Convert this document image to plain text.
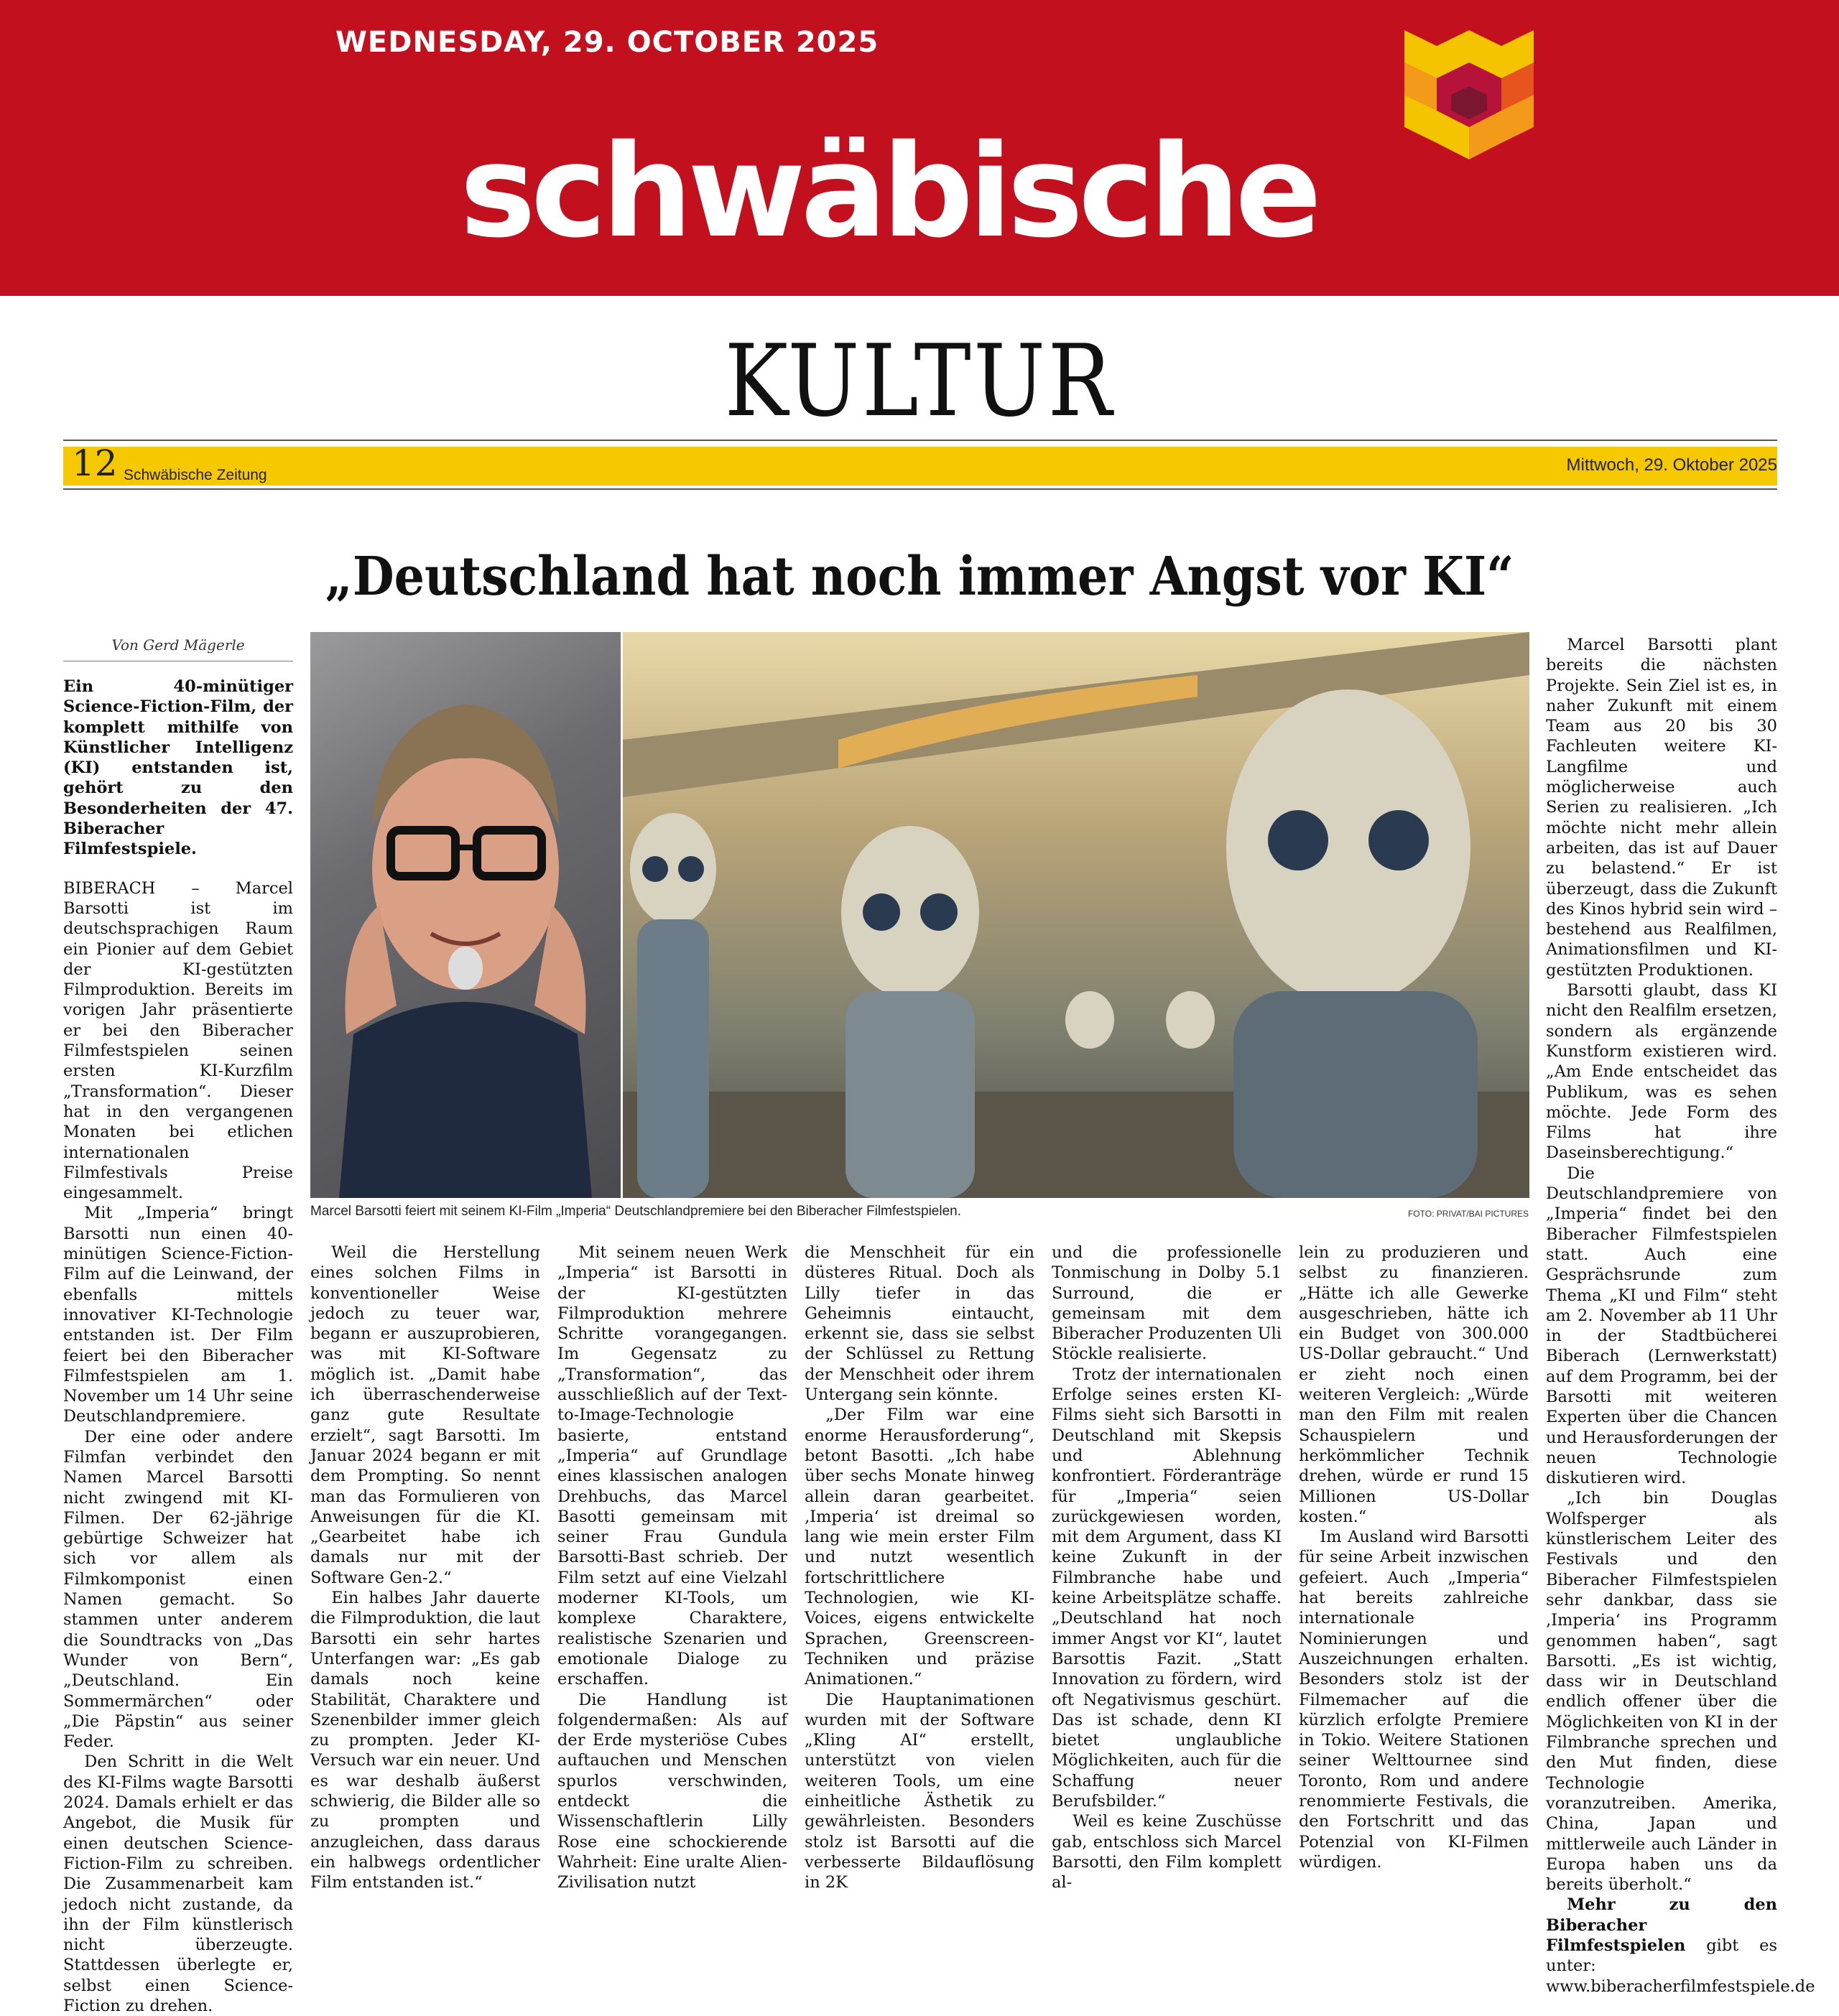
WEDNESDAY, 29. OCTOBER 2025
schwäbische
KULTUR
12 Schwäbische Zeitung
Mittwoch, 29. Oktober 2025
„Deutschland hat noch immer Angst vor KI“
Von Gerd Mägerle

Ein 40-minütiger Science-Fiction-Film, der komplett mithilfe von Künstlicher Intelligenz (KI) entstanden ist, gehört zu den Besonderheiten der 47. Biberacher Filmfestspiele.

BIBERACH – Marcel Barsotti ist im deutschsprachigen Raum ein Pionier auf dem Gebiet der KI-gestützten Filmproduktion. Bereits im vorigen Jahr präsentierte er bei den Biberacher Filmfestspielen seinen ersten KI-Kurzfilm „Transformation“. Dieser hat in den vergangenen Monaten bei etlichen internationalen Filmfestivals Preise eingesammelt.

Mit „Imperia“ bringt Barsotti nun einen 40-minütigen Science-Fiction-Film auf die Leinwand, der ebenfalls mittels innovativer KI-Technologie entstanden ist. Der Film feiert bei den Biberacher Filmfestspielen am 1. November um 14 Uhr seine Deutschlandpremiere.

Der eine oder andere Filmfan verbindet den Namen Marcel Barsotti nicht zwingend mit KI-Filmen. Der 62-jährige gebürtige Schweizer hat sich vor allem als Filmkomponist einen Namen gemacht. So stammen unter anderem die Soundtracks von „Das Wunder von Bern“, „Deutschland. Ein Sommermärchen“ oder „Die Päpstin“ aus seiner Feder.

Den Schritt in die Welt des KI-Films wagte Barsotti 2024. Damals erhielt er das Angebot, die Musik für einen deutschen Science-Fiction-Film zu schreiben. Die Zusammenarbeit kam jedoch nicht zustande, da ihn der Film künstlerisch nicht überzeugte. Stattdessen überlegte er, selbst einen Science-Fiction zu drehen.

Marcel Barsotti feiert mit seinem KI-Film „Imperia“ Deutschlandpremiere bei den Biberacher Filmfestspielen.	FOTO: PRIVAT/BAI PICTURES

Weil die Herstellung eines solchen Films in konventioneller Weise jedoch zu teuer war, begann er auszuprobieren, was mit KI-Software möglich ist. „Damit habe ich überraschenderweise ganz gute Resultate erzielt“, sagt Barsotti. Im Januar 2024 begann er mit dem Prompting. So nennt man das Formulieren von Anweisungen für die KI. „Gearbeitet habe ich damals nur mit der Software Gen-2.“

Ein halbes Jahr dauerte die Filmproduktion, die laut Barsotti ein sehr hartes Unterfangen war: „Es gab damals noch keine Stabilität, Charaktere und Szenenbilder immer gleich zu prompten. Jeder KI-Versuch war ein neuer. Und es war deshalb äußerst schwierig, die Bilder alle so zu prompten und anzugleichen, dass daraus ein halbwegs ordentlicher Film entstanden ist.“

Mit seinem neuen Werk „Imperia“ ist Barsotti in der KI-gestützten Filmproduktion mehrere Schritte vorangegangen. Im Gegensatz zu „Transformation“, das ausschließlich auf der Text-to-Image-Technologie basierte, entstand „Imperia“ auf Grundlage eines klassischen analogen Drehbuchs, das Marcel Basotti gemeinsam mit seiner Frau Gundula Barsotti-Bast schrieb. Der Film setzt auf eine Vielzahl moderner KI-Tools, um komplexe Charaktere, realistische Szenarien und emotionale Dialoge zu erschaffen.

Die Handlung ist folgendermaßen: Als auf der Erde mysteriöse Cubes auftauchen und Menschen spurlos verschwinden, entdeckt die Wissenschaftlerin Lilly Rose eine schockierende Wahrheit: Eine uralte Alien-Zivilisation nutzt

die Menschheit für ein düsteres Ritual. Doch als Lilly tiefer in das Geheimnis eintaucht, erkennt sie, dass sie selbst der Schlüssel zu Rettung der Menschheit oder ihrem Untergang sein könnte.

„Der Film war eine enorme Herausforderung“, betont Basotti. „Ich habe über sechs Monate hinweg allein daran gearbeitet. ‚Imperia‘ ist dreimal so lang wie mein erster Film und nutzt wesentlich fortschrittlichere Technologien, wie KI-Voices, eigens entwickelte Sprachen, Greenscreen-Techniken und präzise Animationen.“

Die Hauptanimationen wurden mit der Software „Kling AI“ erstellt, unterstützt von vielen weiteren Tools, um eine einheitliche Ästhetik zu gewährleisten. Besonders stolz ist Barsotti auf die verbesserte Bildauflösung in 2K

und die professionelle Tonmischung in Dolby 5.1 Surround, die er gemeinsam mit dem Biberacher Produzenten Uli Stöckle realisierte.

Trotz der internationalen Erfolge seines ersten KI-Films sieht sich Barsotti in Deutschland mit Skepsis und Ablehnung konfrontiert. Förderanträge für „Imperia“ seien zurückgewiesen worden, mit dem Argument, dass KI keine Zukunft in der Filmbranche habe und keine Arbeitsplätze schaffe. „Deutschland hat noch immer Angst vor KI“, lautet Barsottis Fazit. „Statt Innovation zu fördern, wird oft Negativismus geschürt. Das ist schade, denn KI bietet unglaubliche Möglichkeiten, auch für die Schaffung neuer Berufsbilder.“

Weil es keine Zuschüsse gab, entschloss sich Marcel Barsotti, den Film komplett al-

lein zu produzieren und selbst zu finanzieren. „Hätte ich alle Gewerke ausgeschrieben, hätte ich ein Budget von 300.000 US-Dollar gebraucht.“ Und er zieht noch einen weiteren Vergleich: „Würde man den Film mit realen Schauspielern und herkömmlicher Technik drehen, würde er rund 15 Millionen US-Dollar kosten.“

Im Ausland wird Barsotti für seine Arbeit inzwischen gefeiert. Auch „Imperia“ hat bereits zahlreiche internationale Nominierungen und Auszeichnungen erhalten. Besonders stolz ist der Filmemacher auf die kürzlich erfolgte Premiere in Tokio. Weitere Stationen seiner Welttournee sind Toronto, Rom und andere renommierte Festivals, die den Fortschritt und das Potenzial von KI-Filmen würdigen.

Marcel Barsotti plant bereits die nächsten Projekte. Sein Ziel ist es, in naher Zukunft mit einem Team aus 20 bis 30 Fachleuten weitere KI-Langfilme und möglicherweise auch Serien zu realisieren. „Ich möchte nicht mehr allein arbeiten, das ist auf Dauer zu belastend.“ Er ist überzeugt, dass die Zukunft des Kinos hybrid sein wird – bestehend aus Realfilmen, Animationsfilmen und KI-gestützten Produktionen.

Barsotti glaubt, dass KI nicht den Realfilm ersetzen, sondern als ergänzende Kunstform existieren wird. „Am Ende entscheidet das Publikum, was es sehen möchte. Jede Form des Films hat ihre Daseinsberechtigung.“

Die Deutschlandpremiere von „Imperia“ findet bei den Biberacher Filmfestspielen statt. Auch eine Gesprächsrunde zum Thema „KI und Film“ steht am 2. November ab 11 Uhr in der Stadtbücherei Biberach (Lernwerkstatt) auf dem Programm, bei der Barsotti mit weiteren Experten über die Chancen und Herausforderungen der neuen Technologie diskutieren wird.

„Ich bin Douglas Wolfsperger als künstlerischem Leiter des Festivals und den Biberacher Filmfestspielen sehr dankbar, dass sie ‚Imperia‘ ins Programm genommen haben“, sagt Barsotti. „Es ist wichtig, dass wir in Deutschland endlich offener über die Möglichkeiten von KI in der Filmbranche sprechen und den Mut finden, diese Technologie voranzutreiben. Amerika, China, Japan und mittlerweile auch Länder in Europa haben uns da bereits überholt.“

Mehr zu den Biberacher Filmfestspielen gibt es unter: www.biberacherfilmfestspiele.de
